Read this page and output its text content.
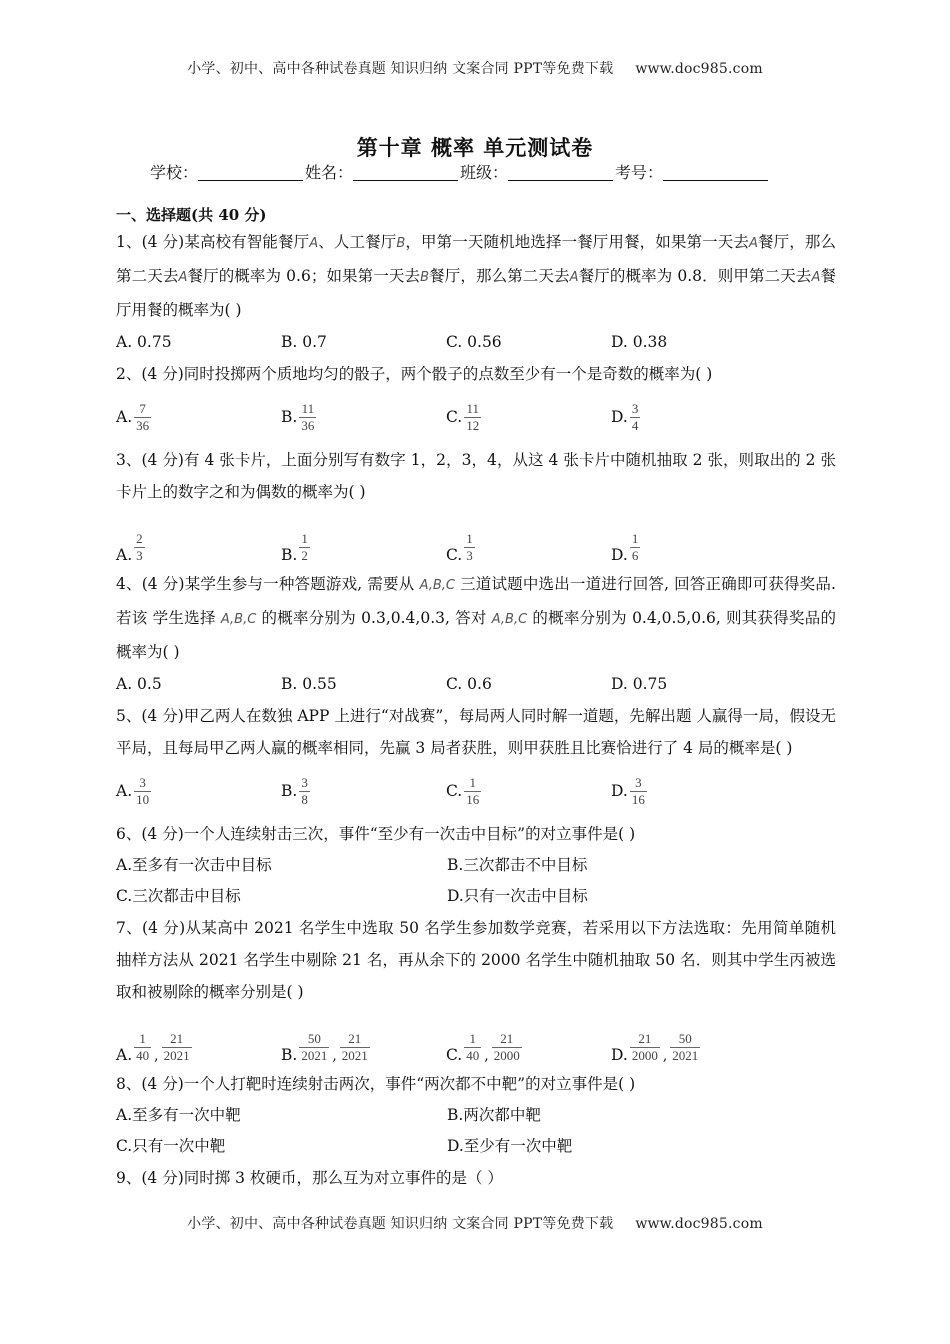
小学、初中、高中各种试卷真题 知识归纳 文案合同 PPT等免费下载 www.doc985.com
第十章 概率 单元测试卷
学校：	姓名：	班级：	考号：
一、选择题(共 40 分)
1、(4 分)某高校有智能餐厅A、人工餐厅B，甲第一天随机地选择一餐厅用餐，如果第一天去A餐厅，那么第二天去A餐厅的概率为 0.6；如果第一天去B餐厅，那么第二天去A餐厅的概率为 0.8．则甲第二天去A餐厅用餐的概率为( )
A. 0.75	B. 0.7	C. 0.56	D. 0.38
2、(4 分)同时投掷两个质地均匀的骰子，两个骰子的点数至少有一个是奇数的概率为( )
A. $\frac{7}{36}$	B. $\frac{11}{36}$	C. $\frac{11}{12}$	D. $\frac{3}{4}$
3、(4 分)有 4 张卡片，上面分别写有数字 1，2，3，4，从这 4 张卡片中随机抽取 2 张，则取出的 2 张卡片上的数字之和为偶数的概率为( )
A. $\frac{2}{3}$	B. $\frac{1}{2}$	C. $\frac{1}{3}$	D. $\frac{1}{6}$
4、(4 分)某学生参与一种答题游戏, 需要从 A,B,C 三道试题中选出一道进行回答, 回答正确即可获得奖品. 若该 学生选择 A,B,C 的概率分别为 0.3,0.4,0.3, 答对 A,B,C 的概率分别为 0.4,0.5,0.6, 则其获得奖品的 概率为( )
A. 0.5	B. 0.55	C. 0.6	D. 0.75
5、(4 分)甲乙两人在数独 APP 上进行“对战赛”，每局两人同时解一道题，先解出题 人赢得一局，假设无平局，且每局甲乙两人赢的概率相同，先赢 3 局者获胜，则甲获胜且比赛恰进行了 4 局的概率是( )
A. $\frac{3}{10}$	B. $\frac{3}{8}$	C. $\frac{1}{16}$	D. $\frac{3}{16}$
6、(4 分)一个人连续射击三次，事件“至少有一次击中目标”的对立事件是( )
A.至多有一次击中目标	B.三次都击不中目标
C.三次都击中目标	D.只有一次击中目标
7、(4 分)从某高中 2021 名学生中选取 50 名学生参加数学竞赛，若采用以下方法选取：先用简单随机抽样方法从 2021 名学生中剔除 21 名，再从余下的 2000 名学生中随机抽取 50 名．则其中学生丙被选取和被剔除的概率分别是( )
A. $\frac{1}{40}$ , $\frac{21}{2021}$	B. $\frac{50}{2021}$ , $\frac{21}{2021}$	C. $\frac{1}{40}$ , $\frac{21}{2000}$	D. $\frac{21}{2000}$ , $\frac{50}{2021}$
8、(4 分)一个人打靶时连续射击两次，事件“两次都不中靶”的对立事件是( )
A.至多有一次中靶	B.两次都中靶
C.只有一次中靶	D.至少有一次中靶
9、(4 分)同时掷 3 枚硬币，那么互为对立事件的是（ ）
小学、初中、高中各种试卷真题 知识归纳 文案合同 PPT等免费下载 www.doc985.com
